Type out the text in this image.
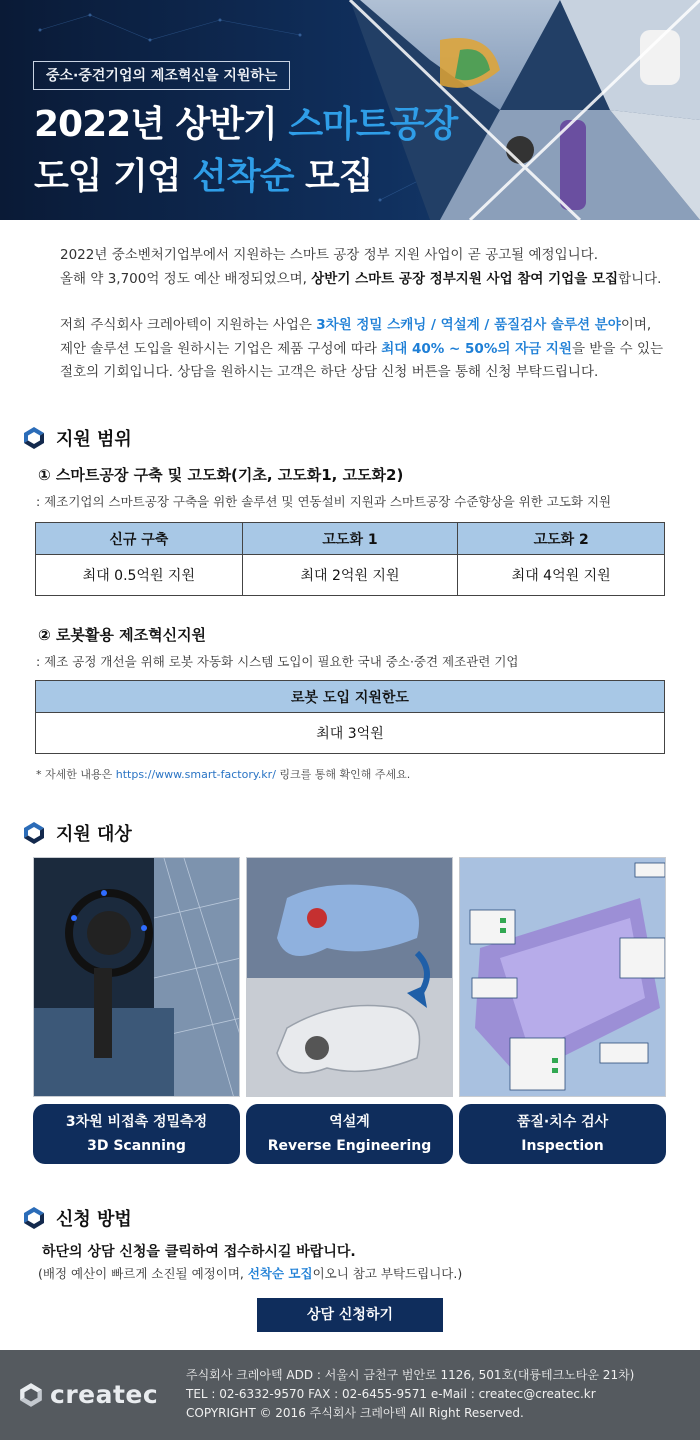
중소·중견기업의 제조혁신을 지원하는
2022년 상반기 스마트공장
도입 기업 선착순 모집

2022년 중소벤처기업부에서 지원하는 스마트 공장 정부 지원 사업이 곧 공고될 예정입니다.
올해 약 3,700억 정도 예산 배정되었으며, 상반기 스마트 공장 정부지원 사업 참여 기업을 모집합니다.

저희 주식회사 크레아텍이 지원하는 사업은 3차원 정밀 스캐닝 / 역설계 / 품질검사 솔루션 분야이며,
제안 솔루션 도입을 원하시는 기업은 제품 구성에 따라 최대 40% ~ 50%의 자금 지원을 받을 수 있는
절호의 기회입니다. 상담을 원하시는 고객은 하단 상담 신청 버튼을 통해 신청 부탁드립니다.

지원 범위
① 스마트공장 구축 및 고도화(기초, 고도화1, 고도화2)
: 제조기업의 스마트공장 구축을 위한 솔루션 및 연동설비 지원과 스마트공장 수준향상을 위한 고도화 지원
신규 구축	고도화 1	고도화 2
최대 0.5억원 지원	최대 2억원 지원	최대 4억원 지원
② 로봇활용 제조혁신지원
: 제조 공정 개선을 위해 로봇 자동화 시스템 도입이 필요한 국내 중소·중견 제조관련 기업
로봇 도입 지원한도
최대 3억원
* 자세한 내용은 https://www.smart-factory.kr/ 링크를 통해 확인해 주세요.
지원 대상
3차원 비접촉 정밀측정
3D Scanning
역설계
Reverse Engineering
품질·치수 검사
Inspection
신청 방법
하단의 상담 신청을 클릭하여 접수하시길 바랍니다.
(배정 예산이 빠르게 소진될 예정이며, 선착순 모집이오니 참고 부탁드립니다.)
상담 신청하기
createc
주식회사 크레아텍 ADD : 서울시 금천구 범안로 1126, 501호(대륭테크노타운 21차)
TEL : 02-6332-9570 FAX : 02-6455-9571 e-Mail : createc@createc.kr
COPYRIGHT © 2016 주식회사 크레아텍 All Right Reserved.
